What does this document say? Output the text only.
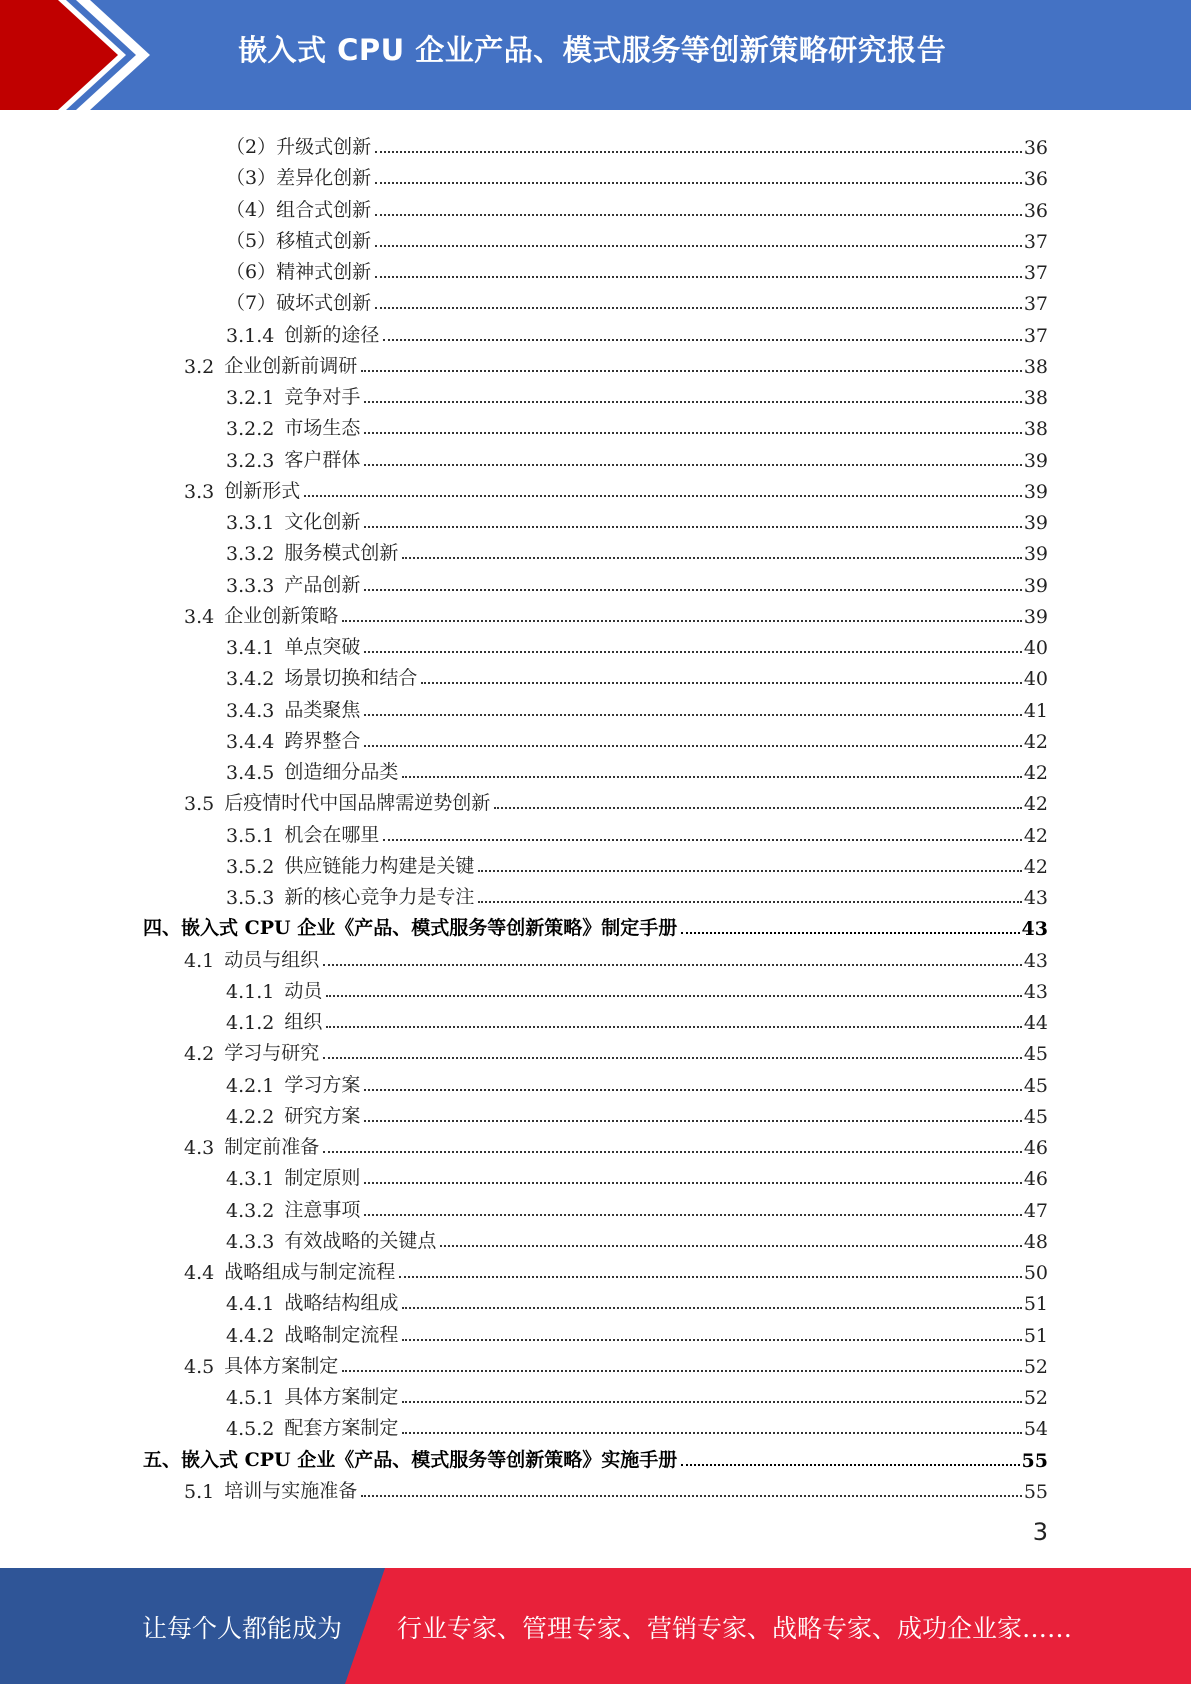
嵌入式 CPU 企业产品、模式服务等创新策略研究报告
（2）升级式创新	36
（3）差异化创新	36
（4）组合式创新	36
（5）移植式创新	37
（6）精神式创新	37
（7）破坏式创新	37
3.1.4 创新的途径	37
3.2 企业创新前调研	38
3.2.1 竞争对手	38
3.2.2 市场生态	38
3.2.3 客户群体	39
3.3 创新形式	39
3.3.1 文化创新	39
3.3.2 服务模式创新	39
3.3.3 产品创新	39
3.4 企业创新策略	39
3.4.1 单点突破	40
3.4.2 场景切换和结合	40
3.4.3 品类聚焦	41
3.4.4 跨界整合	42
3.4.5 创造细分品类	42
3.5 后疫情时代中国品牌需逆势创新	42
3.5.1 机会在哪里	42
3.5.2 供应链能力构建是关键	42
3.5.3 新的核心竞争力是专注	43
四、嵌入式 CPU 企业《产品、模式服务等创新策略》制定手册	43
4.1 动员与组织	43
4.1.1 动员	43
4.1.2 组织	44
4.2 学习与研究	45
4.2.1 学习方案	45
4.2.2 研究方案	45
4.3 制定前准备	46
4.3.1 制定原则	46
4.3.2 注意事项	47
4.3.3 有效战略的关键点	48
4.4 战略组成与制定流程	50
4.4.1 战略结构组成	51
4.4.2 战略制定流程	51
4.5 具体方案制定	52
4.5.1 具体方案制定	52
4.5.2 配套方案制定	54
五、嵌入式 CPU 企业《产品、模式服务等创新策略》实施手册	55
5.1 培训与实施准备	55
3
让每个人都能成为 行业专家、管理专家、营销专家、战略专家、成功企业家……
